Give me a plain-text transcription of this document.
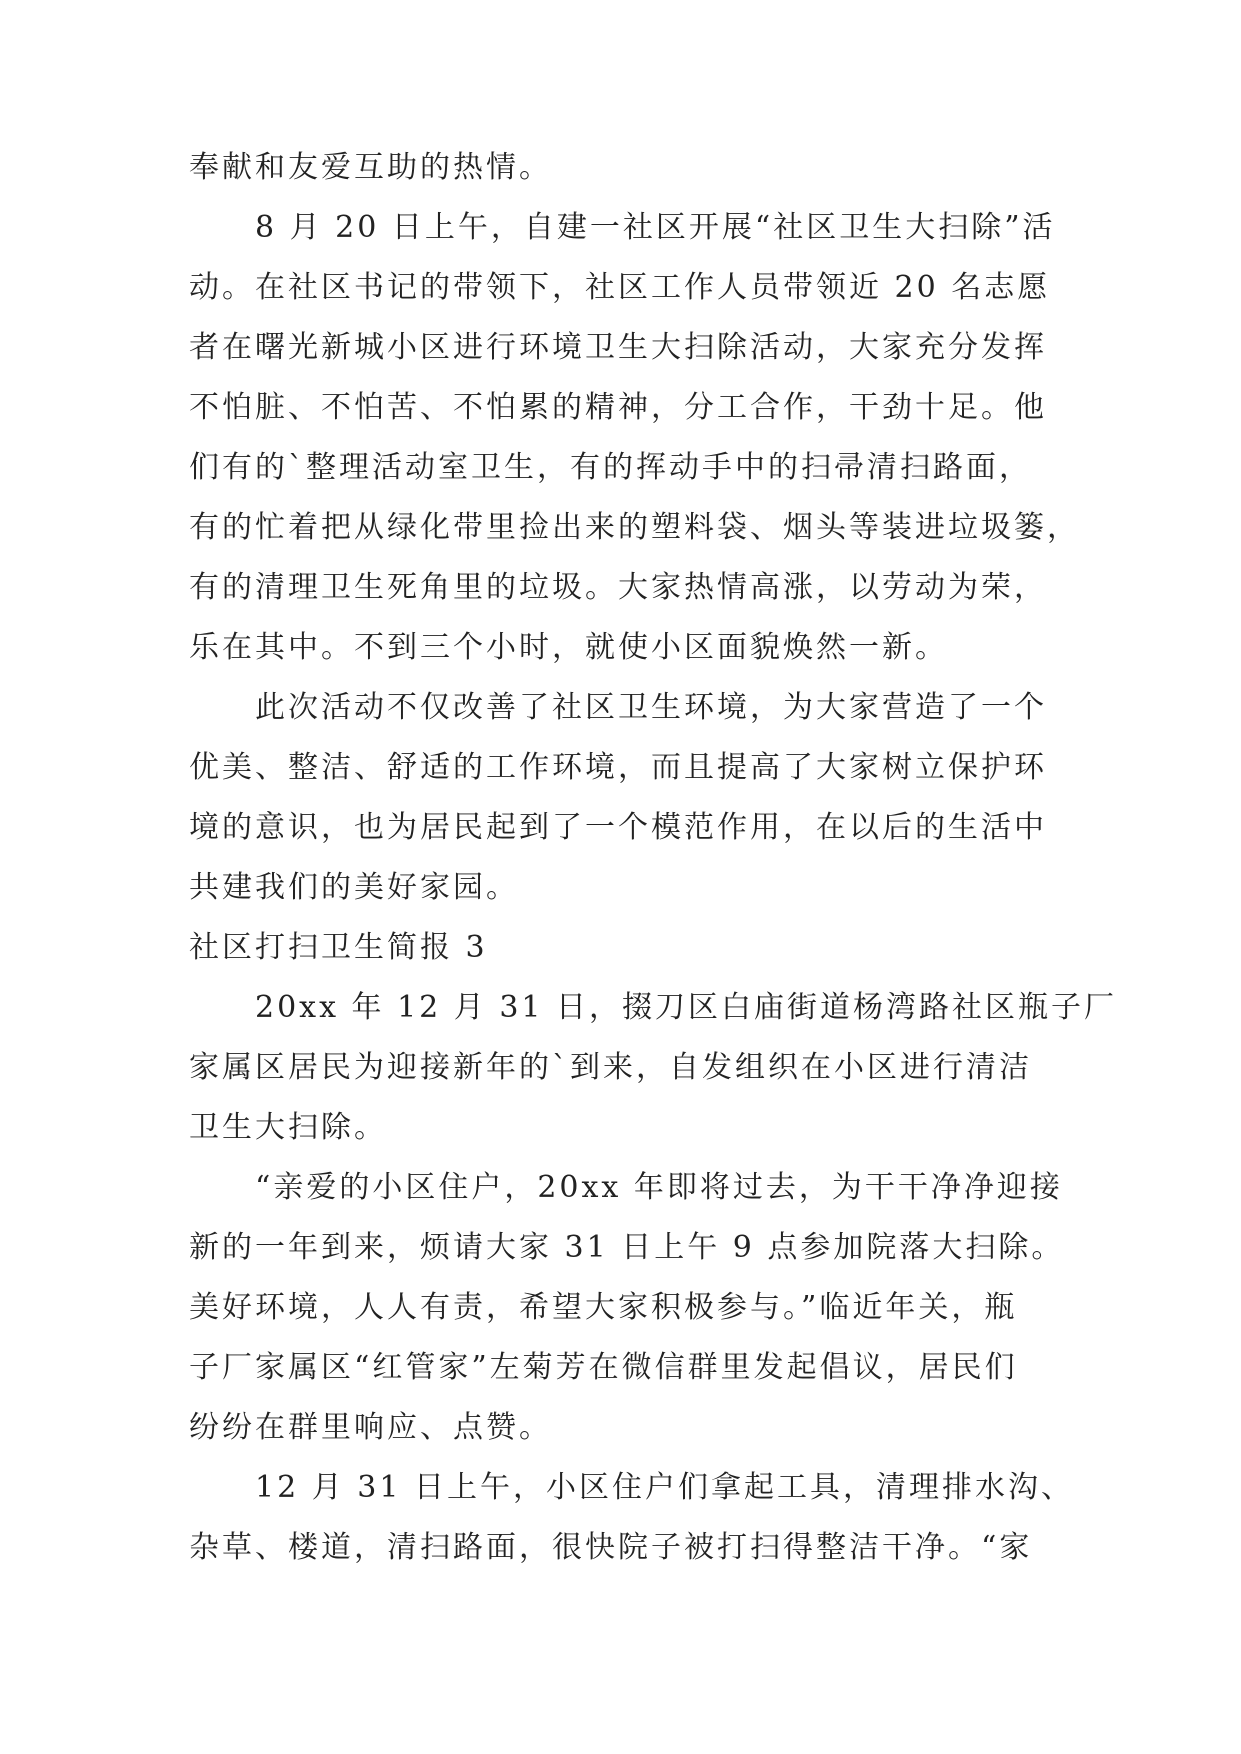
奉献和友爱互助的热情。
8 月 20 日上午，自建一社区开展“社区卫生大扫除”活
动。在社区书记的带领下，社区工作人员带领近 20 名志愿
者在曙光新城小区进行环境卫生大扫除活动，大家充分发挥
不怕脏、不怕苦、不怕累的精神，分工合作，干劲十足。他
们有的`整理活动室卫生，有的挥动手中的扫帚清扫路面，
有的忙着把从绿化带里捡出来的塑料袋、烟头等装进垃圾篓，
有的清理卫生死角里的垃圾。大家热情高涨，以劳动为荣，
乐在其中。不到三个小时，就使小区面貌焕然一新。
此次活动不仅改善了社区卫生环境，为大家营造了一个
优美、整洁、舒适的工作环境，而且提高了大家树立保护环
境的意识，也为居民起到了一个模范作用，在以后的生活中
共建我们的美好家园。
社区打扫卫生简报 3
20xx 年 12 月 31 日，掇刀区白庙街道杨湾路社区瓶子厂
家属区居民为迎接新年的`到来，自发组织在小区进行清洁
卫生大扫除。
“亲爱的小区住户，20xx 年即将过去，为干干净净迎接
新的一年到来，烦请大家 31 日上午 9 点参加院落大扫除。
美好环境，人人有责，希望大家积极参与。”临近年关，瓶
子厂家属区“红管家”左菊芳在微信群里发起倡议，居民们
纷纷在群里响应、点赞。
12 月 31 日上午，小区住户们拿起工具，清理排水沟、
杂草、楼道，清扫路面，很快院子被打扫得整洁干净。“家
